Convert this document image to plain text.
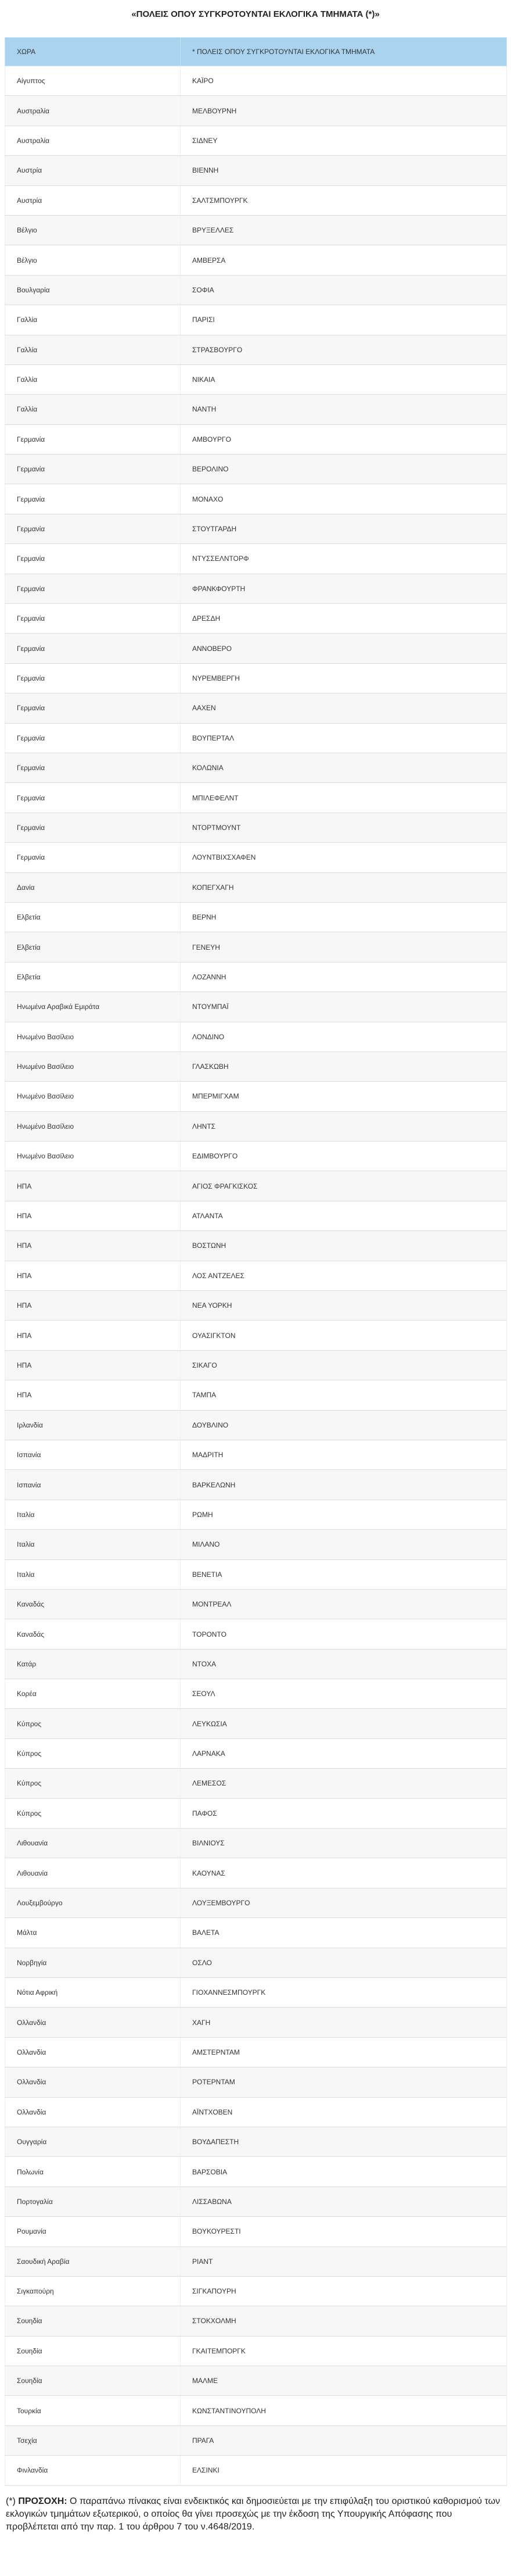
«ΠΟΛΕΙΣ ΟΠΟΥ ΣΥΓΚΡΟΤΟΥΝΤΑΙ ΕΚΛΟΓΙΚΑ ΤΜΗΜΑΤΑ (*)»
ΧΩΡΑ	* ΠΟΛΕΙΣ ΟΠΟΥ ΣΥΓΚΡΟΤΟΥΝΤΑΙ ΕΚΛΟΓΙΚΑ ΤΜΗΜΑΤΑ
Αίγυπτος	ΚΑΪΡΟ
Αυστραλία	ΜΕΛΒΟΥΡΝΗ
Αυστραλία	ΣΙΔΝΕΥ
Αυστρία	ΒΙΕΝΝΗ
Αυστρία	ΣΑΛΤΣΜΠΟΥΡΓΚ
Βέλγιο	ΒΡΥΞΕΛΛΕΣ
Βέλγιο	ΑΜΒΕΡΣΑ
Βουλγαρία	ΣΟΦΙΑ
Γαλλία	ΠΑΡΙΣΙ
Γαλλία	ΣΤΡΑΣΒΟΥΡΓΟ
Γαλλία	ΝΙΚΑΙΑ
Γαλλία	ΝΑΝΤΗ
Γερμανία	ΑΜΒΟΥΡΓΟ
Γερμανία	ΒΕΡΟΛΙΝΟ
Γερμανία	ΜΟΝΑΧΟ
Γερμανία	ΣΤΟΥΤΓΑΡΔΗ
Γερμανία	ΝΤΥΣΣΕΛΝΤΟΡΦ
Γερμανία	ΦΡΑΝΚΦΟΥΡΤΗ
Γερμανία	ΔΡΕΣΔΗ
Γερμανία	ΑΝΝΟΒΕΡΟ
Γερμανία	ΝΥΡΕΜΒΕΡΓΗ
Γερμανία	ΑΑΧΕΝ
Γερμανία	ΒΟΥΠΕΡΤΑΛ
Γερμανία	ΚΟΛΩΝΙΑ
Γερμανία	ΜΠΙΛΕΦΕΛΝΤ
Γερμανία	ΝΤΟΡΤΜΟΥΝΤ
Γερμανία	ΛΟΥΝΤΒΙΧΣΧΑΦΕΝ
Δανία	ΚΟΠΕΓΧΑΓΗ
Ελβετία	ΒΕΡΝΗ
Ελβετία	ΓΕΝΕΥΗ
Ελβετία	ΛΟΖΑΝΝΗ
Ηνωμένα Αραβικά Εμιράτα	ΝΤΟΥΜΠΑΪ
Ηνωμένο Βασίλειο	ΛΟΝΔΙΝΟ
Ηνωμένο Βασίλειο	ΓΛΑΣΚΩΒΗ
Ηνωμένο Βασίλειο	ΜΠΕΡΜΙΓΧΑΜ
Ηνωμένο Βασίλειο	ΛΗΝΤΣ
Ηνωμένο Βασίλειο	ΕΔΙΜΒΟΥΡΓΟ
ΗΠΑ	ΑΓΙΟΣ ΦΡΑΓΚΙΣΚΟΣ
ΗΠΑ	ΑΤΛΑΝΤΑ
ΗΠΑ	ΒΟΣΤΩΝΗ
ΗΠΑ	ΛΟΣ ΑΝΤΖΕΛΕΣ
ΗΠΑ	ΝΕΑ ΥΟΡΚΗ
ΗΠΑ	ΟΥΑΣΙΓΚΤΟΝ
ΗΠΑ	ΣΙΚΑΓΟ
ΗΠΑ	ΤΑΜΠΑ
Ιρλανδία	ΔΟΥΒΛΙΝΟ
Ισπανία	ΜΑΔΡΙΤΗ
Ισπανία	ΒΑΡΚΕΛΩΝΗ
Ιταλία	ΡΩΜΗ
Ιταλία	ΜΙΛΑΝΟ
Ιταλία	ΒΕΝΕΤΙΑ
Καναδάς	ΜΟΝΤΡΕΑΛ
Καναδάς	ΤΟΡΟΝΤΟ
Κατάρ	ΝΤΟΧΑ
Κορέα	ΣΕΟΥΛ
Κύπρος	ΛΕΥΚΩΣΙΑ
Κύπρος	ΛΑΡΝΑΚΑ
Κύπρος	ΛΕΜΕΣΟΣ
Κύπρος	ΠΑΦΟΣ
Λιθουανία	ΒΙΛΝΙΟΥΣ
Λιθουανία	ΚΑΟΥΝΑΣ
Λουξεμβούργο	ΛΟΥΞΕΜΒΟΥΡΓΟ
Μάλτα	ΒΑΛΕΤΑ
Νορβηγία	ΟΣΛΟ
Νότια Αφρική	ΓΙΟΧΑΝΝΕΣΜΠΟΥΡΓΚ
Ολλανδία	ΧΑΓΗ
Ολλανδία	ΑΜΣΤΕΡΝΤΑΜ
Ολλανδία	ΡΟΤΕΡΝΤΑΜ
Ολλανδία	ΑΪΝΤΧΟΒΕΝ
Ουγγαρία	ΒΟΥΔΑΠΕΣΤΗ
Πολωνία	ΒΑΡΣΟΒΙΑ
Πορτογαλία	ΛΙΣΣΑΒΩΝΑ
Ρουμανία	ΒΟΥΚΟΥΡΕΣΤΙ
Σαουδική Αραβία	ΡΙΑΝΤ
Σιγκαπούρη	ΣΙΓΚΑΠΟΥΡΗ
Σουηδία	ΣΤΟΚΧΟΛΜΗ
Σουηδία	ΓΚΑΙΤΕΜΠΟΡΓΚ
Σουηδία	ΜΑΛΜΕ
Τουρκία	ΚΩΝΣΤΑΝΤΙΝΟΥΠΟΛΗ
Τσεχία	ΠΡΑΓΑ
Φινλανδία	ΕΛΣΙΝΚΙ

(*) ΠΡΟΣΟΧΗ: Ο παραπάνω πίνακας είναι ενδεικτικός και δημοσιεύεται με την επιφύλαξη του οριστικού καθορισμού των εκλογικών τμημάτων εξωτερικού, ο οποίος θα γίνει προσεχώς με την έκδοση της Υπουργικής Απόφασης που προβλέπεται από την παρ. 1 του άρθρου 7 του ν.4648/2019.
